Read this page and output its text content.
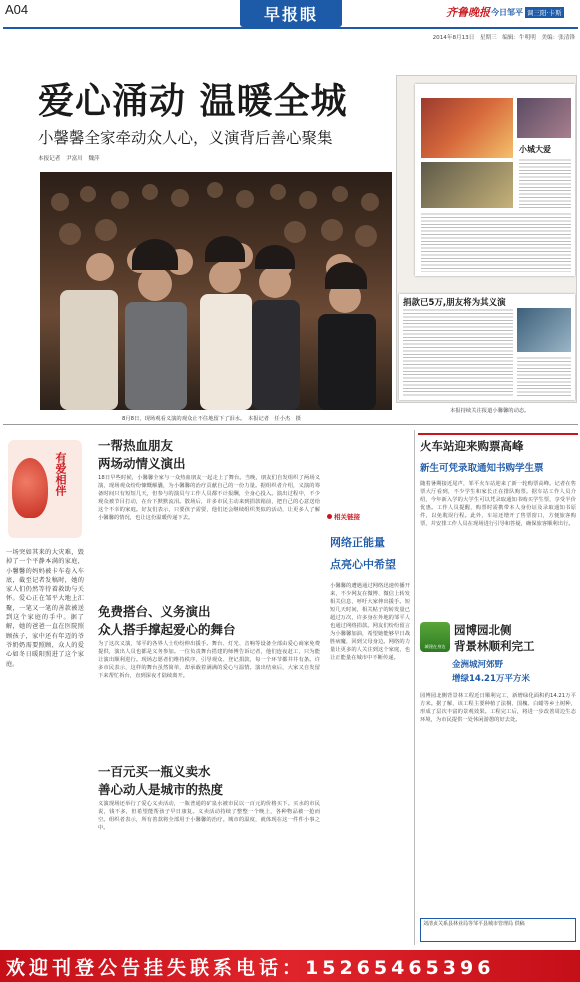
A04	早报眼	齐鲁晚报 今日邹平 调三阳·卡斯
2014年8月13日　星期三　编辑：牛明明　美编：张清锋
爱心涌动 温暖全城
小馨馨全家牵动众人心，义演背后善心聚集
本报记者　尹富川　魏萍
8月8日，现场观看义演的观众止不住地留下了泪水。　本报记者　任小杰　摄
小城大爱
捐款已5万,朋友将为其义演
本报持续关注报道小馨馨的动态。
有爱相伴
一场突如其来的大灾难，毁掉了一个平静本满的家庭，小馨馨的妈妈被卡车卷入车底，截至记者发稿时，她的家人们仍然等待着救助与关怀。爱心正在邹平大地上汇聚，一笔又一笔的善款被送到这个家庭的手中。据了解，她的爸爸一直在医院照顾孩子，家中还有年迈的爷爷奶奶需要照顾，众人的爱心如冬日暖阳照进了这个家庭。
一帮热血朋友
两场动情义演出
18日早些时候，小馨馨全家与一众热血朋友一起走上了舞台。当晚，朋友们自发组织了两场义演，现场观众纷纷慷慨解囊，为小馨馨的治疗贡献自己的一份力量。据组织者介绍，义演的筹备时间只有短短几天，但参与的演员与工作人员都不计报酬，全身心投入。演出过程中，不少观众被节目打动，在台下默默流泪。散场后，许多市民主动来到捐款箱前，把自己的心意送给这个不幸的家庭。好友们表示，只要孩子需要，他们还会继续组织类似的活动，让更多人了解小馨馨的情况，也让这份温暖传递下去。
免费搭台、义务演出
众人搭手撑起爱心的舞台
为了这次义演，邹平的各界人士纷纷伸出援手。舞台、灯光、音响等设备全部由爱心商家免费提供，演出人员也都是义务参加。一位负责舞台搭建的师傅告诉记者，他们连夜赶工，只为能让演出顺利进行。现场志愿者们维持秩序、引导观众、登记捐款，每一个环节都井井有条。许多市民表示，这样的舞台虽然简单，却承载着满满的爱心与温情。演出结束后，大家又自发留下来帮忙拆台，直到深夜才陆续离开。
一百元买一瓶义卖水
善心动人是城市的热度
义演现场还举行了爱心义卖活动，一瓶普通的矿泉水被市民以一百元的价格买下。买水的市民说，钱不多，但希望能帮孩子早日康复。义卖活动持续了整整一个晚上，各种物品被一抢而空。组织者表示，所有善款将全部用于小馨馨的治疗。城市的温度，就体现在这一件件小事之中。
相关链接
网络正能量
点亮心中希望
小馨馨的遭遇通过网络迅速传播开来，不少网友在微博、微信上转发相关信息，呼吁大家伸出援手。短短几天时间，相关帖子的转发量已超过万次，许多身在外地的邹平人也通过网络捐款。网友们纷纷留言为小馨馨加油，希望她能够早日战胜病魔，回到父母身边。网络的力量让更多的人关注到这个家庭，也让正能量在城市中不断传递。
火车站迎来购票高峰
新生可凭录取通知书购学生票
随着暑期接近尾声，邹平火车站迎来了新一轮购票高峰。记者在售票大厅看到，不少学生和家长正在排队购票。据车站工作人员介绍，今年新入学的大学生可以凭录取通知书购买学生票，享受半价优惠。工作人员提醒，购票时需携带本人身份证及录取通知书原件，以免耽误行程。此外，车站还增开了售票窗口，方便旅客购票，并安排工作人员在现场进行引导和答疑，确保旅客顺利出行。
城建在身边
园博园北侧
背景林顺利完工
金洲城河郊野
增绿14.21万平方米
园博园北侧背景林工程近日顺利完工，新增绿化面积约14.21万平方米。据了解，该工程主要种植了法桐、国槐、白蜡等乡土树种，形成了层次丰富的景观效果。工程完工后，将进一步改善周边生态环境，为市民提供一处休闲游憩的好去处。
刘清贞关系县林业局等邹平县城市管理局 供稿
欢迎刊登公告挂失联系电话：15265465396
